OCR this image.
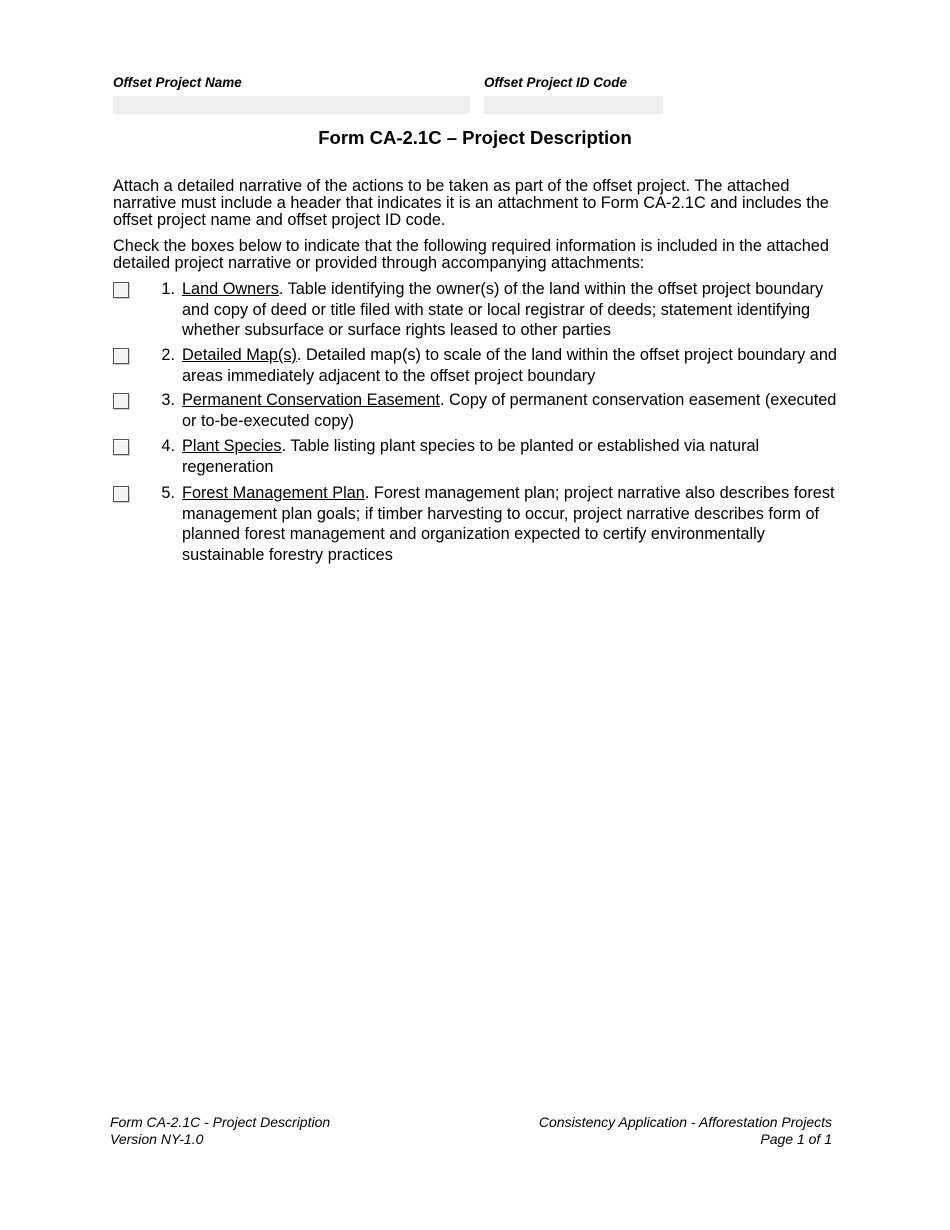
Offset Project Name	Offset Project ID Code
Form CA-2.1C – Project Description
Attach a detailed narrative of the actions to be taken as part of the offset project. The attached narrative must include a header that indicates it is an attachment to Form CA-2.1C and includes the offset project name and offset project ID code.
Check the boxes below to indicate that the following required information is included in the attached detailed project narrative or provided through accompanying attachments:
1. Land Owners. Table identifying the owner(s) of the land within the offset project boundary and copy of deed or title filed with state or local registrar of deeds; statement identifying whether subsurface or surface rights leased to other parties
2. Detailed Map(s). Detailed map(s) to scale of the land within the offset project boundary and areas immediately adjacent to the offset project boundary
3. Permanent Conservation Easement. Copy of permanent conservation easement (executed or to-be-executed copy)
4. Plant Species. Table listing plant species to be planted or established via natural regeneration
5. Forest Management Plan. Forest management plan; project narrative also describes forest management plan goals; if timber harvesting to occur, project narrative describes form of planned forest management and organization expected to certify environmentally sustainable forestry practices
Form CA-2.1C - Project Description
Version NY-1.0
Consistency Application - Afforestation Projects
Page 1 of 1
